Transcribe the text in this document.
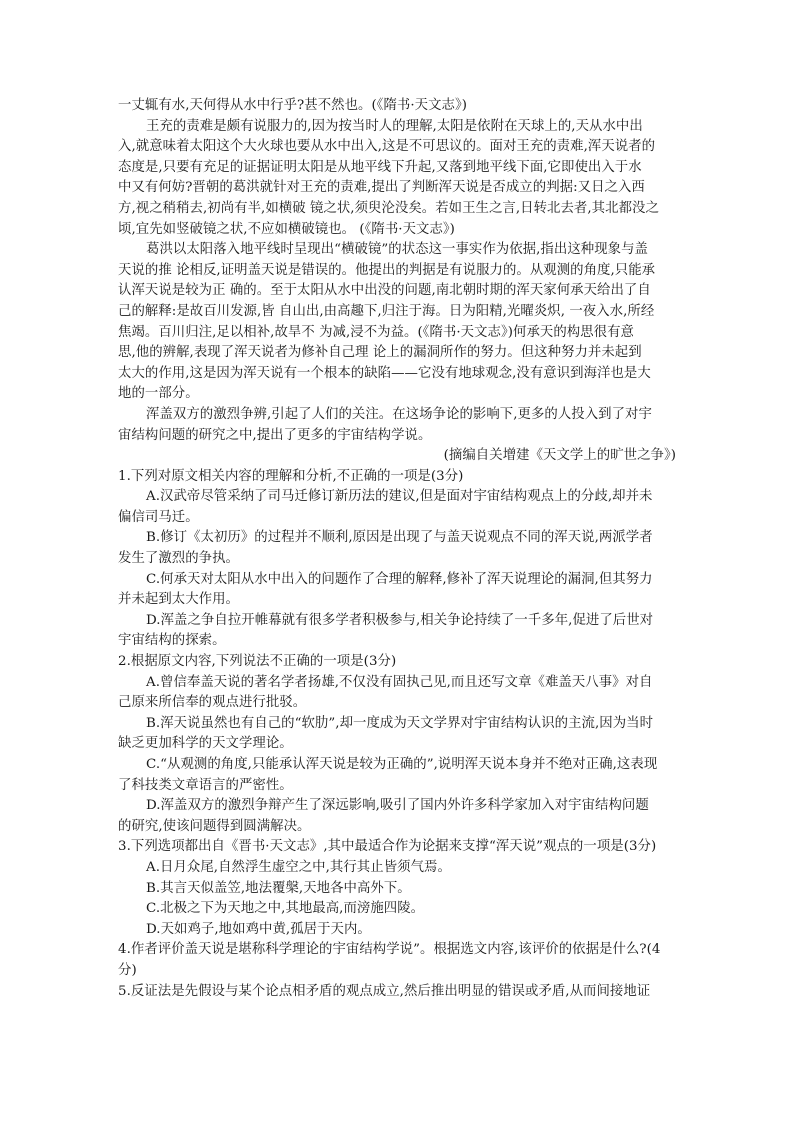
一丈辄有水,天何得从水中行乎?甚不然也。(《隋书·天文志》)
王充的责难是颇有说服力的,因为按当时人的理解,太阳是依附在天球上的,天从水中出
入,就意味着太阳这个大火球也要从水中出入,这是不可思议的。面对王充的责难,浑天说者的
态度是,只要有充足的证据证明太阳是从地平线下升起,又落到地平线下面,它即使出入于水
中又有何妨?晋朝的葛洪就针对王充的责难,提出了判断浑天说是否成立的判据:又日之入西
方,视之稍稍去,初尚有半,如横破 镜之状,须臾沦没矣。若如王生之言,日转北去者,其北都没之
顷,宜先如竖破镜之状,不应如横破镜也。 (《隋书·天文志》)
葛洪以太阳落入地平线时呈现出“横破镜”的状态这一事实作为依据,指出这种现象与盖
天说的推 论相反,证明盖天说是错误的。他提出的判据是有说服力的。从观测的角度,只能承
认浑天说是较为正 确的。至于太阳从水中出没的问题,南北朝时期的浑天家何承天给出了自
己的解释:是故百川发源,皆 自山出,由高趣下,归注于海。日为阳精,光曜炎炽, 一夜入水,所经
焦竭。百川归注,足以相补,故旱不 为减,浸不为益。(《隋书·天文志》)何承天的构思很有意
思,他的辨解,表现了浑天说者为修补自己理 论上的漏洞所作的努力。但这种努力并未起到
太大的作用,这是因为浑天说有一个根本的缺陷——它没有地球观念,没有意识到海洋也是大
地的一部分。
浑盖双方的激烈争辨,引起了人们的关注。在这场争论的影响下,更多的人投入到了对宇
宙结构问题的研究之中,提出了更多的宇宙结构学说。
(摘编自关增建《天文学上的旷世之争》)
1.下列对原文相关内容的理解和分析,不正确的一项是(3分)
A.汉武帝尽管采纳了司马迁修订新历法的建议,但是面对宇宙结构观点上的分歧,却并未
偏信司马迁。
B.修订《太初历》的过程并不顺利,原因是出现了与盖天说观点不同的浑天说,两派学者
发生了激烈的争执。
C.何承天对太阳从水中出入的问题作了合理的解释,修补了浑天说理论的漏洞,但其努力
并未起到太大作用。
D.浑盖之争自拉开帷幕就有很多学者积极参与,相关争论持续了一千多年,促进了后世对
宇宙结构的探索。
2.根据原文内容,下列说法不正确的一项是(3分)
A.曾信奉盖天说的著名学者扬雄,不仅没有固执己见,而且还写文章《难盖天八事》对自
己原来所信奉的观点进行批驳。
B.浑天说虽然也有自己的“软肋”,却一度成为天文学界对宇宙结构认识的主流,因为当时
缺乏更加科学的天文学理论。
C.“从观测的角度,只能承认浑天说是较为正确的”,说明浑天说本身并不绝对正确,这表现
了科技类文章语言的严密性。
D.浑盖双方的激烈争辩产生了深远影响,吸引了国内外许多科学家加入对宇宙结构问题
的研究,使该问题得到圆满解决。
3.下列选项都出自《晋书·天文志》,其中最适合作为论据来支撑“浑天说”观点的一项是(3分)
A.日月众尾,自然浮生虚空之中,其行其止皆须气焉。
B.其言天似盖笠,地法覆槃,天地各中高外下。
C.北极之下为天地之中,其地最高,而滂施四陵。
D.天如鸡子,地如鸡中黄,孤居于天内。
4.作者评价盖天说是堪称科学理论的宇宙结构学说”。根据选文内容,该评价的依据是什么?(4
分)
5.反证法是先假设与某个论点相矛盾的观点成立,然后推出明显的错误或矛盾,从而间接地证
